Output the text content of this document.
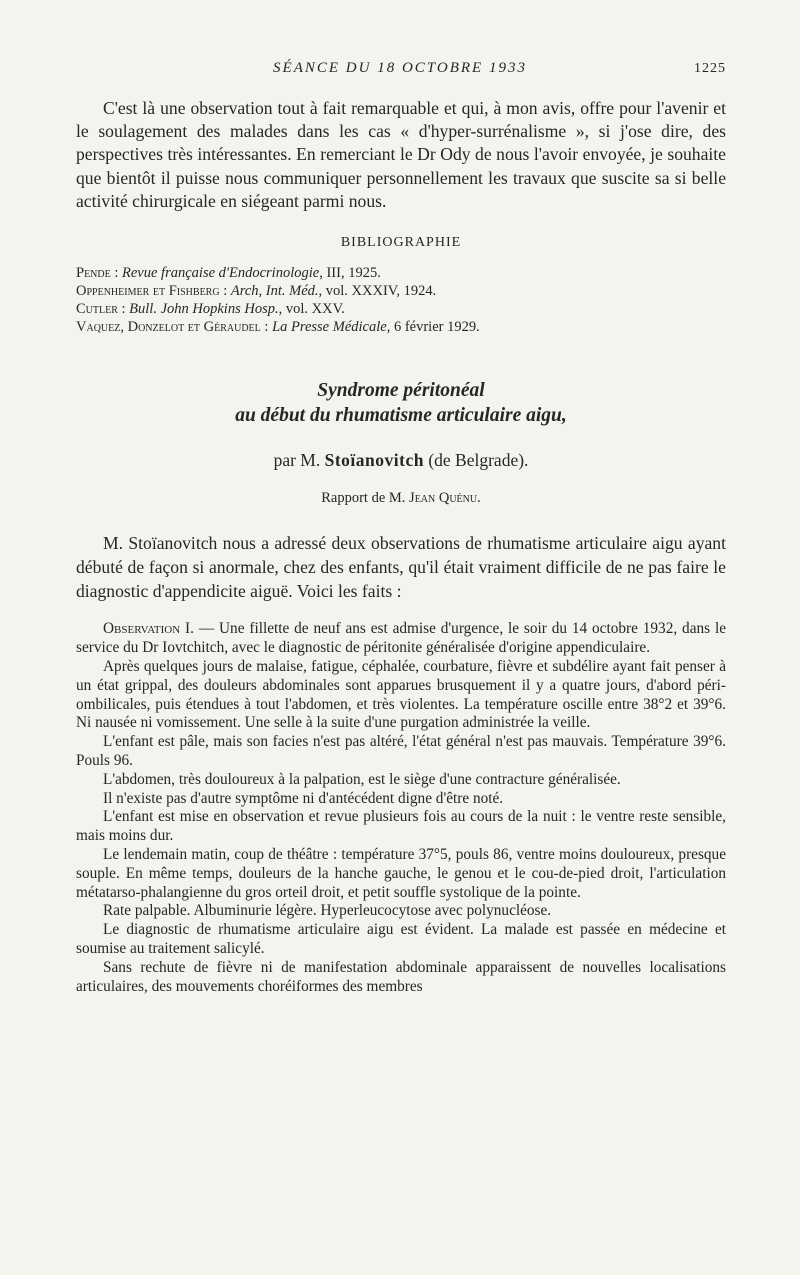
SÉANCE DU 18 OCTOBRE 1933	1225

C'est là une observation tout à fait remarquable et qui, à mon avis, offre pour l'avenir et le soulagement des malades dans les cas « d'hyper-surrénalisme », si j'ose dire, des perspectives très intéressantes. En remerciant le Dr Ody de nous l'avoir envoyée, je souhaite que bientôt il puisse nous communiquer personnellement les travaux que suscite sa si belle activité chirurgicale en siégeant parmi nous.

BIBLIOGRAPHIE
Pende : Revue française d'Endocrinologie, III, 1925.
Oppenheimer et Fishberg : Arch, Int. Méd., vol. XXXIV, 1924.
Cutler : Bull. John Hopkins Hosp., vol. XXV.
Vaquez, Donzelot et Géraudel : La Presse Médicale, 6 février 1929.
Syndrome péritonéal
au début du rhumatisme articulaire aigu,
par M. Stoïanovitch (de Belgrade).
Rapport de M. Jean Quénu.

M. Stoïanovitch nous a adressé deux observations de rhumatisme articulaire aigu ayant débuté de façon si anormale, chez des enfants, qu'il était vraiment difficile de ne pas faire le diagnostic d'appendicite aiguë. Voici les faits :

Observation I. — Une fillette de neuf ans est admise d'urgence, le soir du 14 octobre 1932, dans le service du Dr Iovtchitch, avec le diagnostic de péritonite généralisée d'origine appendiculaire.

Après quelques jours de malaise, fatigue, céphalée, courbature, fièvre et subdélire ayant fait penser à un état grippal, des douleurs abdominales sont apparues brusquement il y a quatre jours, d'abord péri-ombilicales, puis étendues à tout l'abdomen, et très violentes. La température oscille entre 38°2 et 39°6. Ni nausée ni vomissement. Une selle à la suite d'une purgation administrée la veille.

L'enfant est pâle, mais son facies n'est pas altéré, l'état général n'est pas mauvais. Température 39°6. Pouls 96.

L'abdomen, très douloureux à la palpation, est le siège d'une contracture généralisée.

Il n'existe pas d'autre symptôme ni d'antécédent digne d'être noté.

L'enfant est mise en observation et revue plusieurs fois au cours de la nuit : le ventre reste sensible, mais moins dur.

Le lendemain matin, coup de théâtre : température 37°5, pouls 86, ventre moins douloureux, presque souple. En même temps, douleurs de la hanche gauche, le genou et le cou-de-pied droit, l'articulation métatarso-phalangienne du gros orteil droit, et petit souffle systolique de la pointe.

Rate palpable. Albuminurie légère. Hyperleucocytose avec polynucléose.

Le diagnostic de rhumatisme articulaire aigu est évident. La malade est passée en médecine et soumise au traitement salicylé.

Sans rechute de fièvre ni de manifestation abdominale apparaissent de nouvelles localisations articulaires, des mouvements choréiformes des membres
